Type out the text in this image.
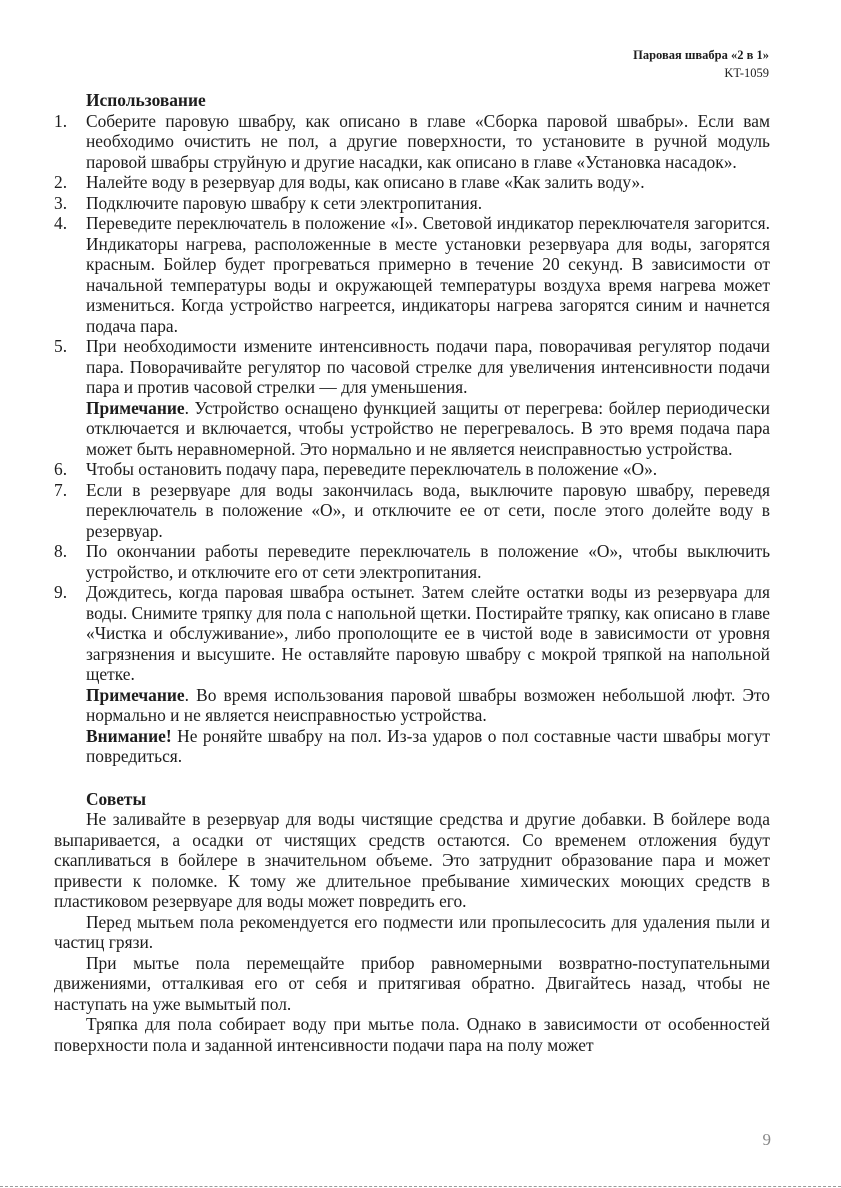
Паровая швабра «2 в 1»
KT-1059
Использование
1. Соберите паровую швабру, как описано в главе «Сборка паровой швабры». Если вам необходимо очистить не пол, а другие поверхности, то установите в ручной модуль паровой швабры струйную и другие насадки, как описано в главе «Установка насадок».

2. Налейте воду в резервуар для воды, как описано в главе «Как залить воду».

3. Подключите паровую швабру к сети электропитания.

4. Переведите переключатель в положение «I». Световой индикатор переключателя загорится. Индикаторы нагрева, расположенные в месте установки резервуара для воды, загорятся красным. Бойлер будет прогреваться примерно в течение 20 секунд. В зависимости от начальной температуры воды и окружающей температуры воздуха время нагрева может измениться. Когда устройство нагреется, индикаторы нагрева загорятся синим и начнется подача пара.

5. При необходимости измените интенсивность подачи пара, поворачивая регулятор подачи пара. Поворачивайте регулятор по часовой стрелке для увеличения интенсивности подачи пара и против часовой стрелки — для уменьшения.

Примечание. Устройство оснащено функцией защиты от перегрева: бойлер периодически отключается и включается, чтобы устройство не перегревалось. В это время подача пара может быть неравномерной. Это нормально и не является неисправностью устройства.

6. Чтобы остановить подачу пара, переведите переключатель в положение «O».

7. Если в резервуаре для воды закончилась вода, выключите паровую швабру, переведя переключатель в положение «O», и отключите ее от сети, после этого долейте воду в резервуар.

8. По окончании работы переведите переключатель в положение «O», чтобы выключить устройство, и отключите его от сети электропитания.

9. Дождитесь, когда паровая швабра остынет. Затем слейте остатки воды из резервуара для воды. Снимите тряпку для пола с напольной щетки. Постирайте тряпку, как описано в главе «Чистка и обслуживание», либо прополощите ее в чистой воде в зависимости от уровня загрязнения и высушите. Не оставляйте паровую швабру с мокрой тряпкой на напольной щетке.

Примечание. Во время использования паровой швабры возможен небольшой люфт. Это нормально и не является неисправностью устройства.

Внимание! Не роняйте швабру на пол. Из-за ударов о пол составные части швабры могут повредиться.

Советы

Не заливайте в резервуар для воды чистящие средства и другие добавки. В бойлере вода выпаривается, а осадки от чистящих средств остаются. Со временем отложения будут скапливаться в бойлере в значительном объеме. Это затруднит образование пара и может привести к поломке. К тому же длительное пребывание химических моющих средств в пластиковом резервуаре для воды может повредить его.

Перед мытьем пола рекомендуется его подмести или пропылесосить для удаления пыли и частиц грязи.

При мытье пола перемещайте прибор равномерными возвратно-поступательными движениями, отталкивая его от себя и притягивая обратно. Двигайтесь назад, чтобы не наступать на уже вымытый пол.

Тряпка для пола собирает воду при мытье пола. Однако в зависимости от особенностей поверхности пола и заданной интенсивности подачи пара на полу может

9
